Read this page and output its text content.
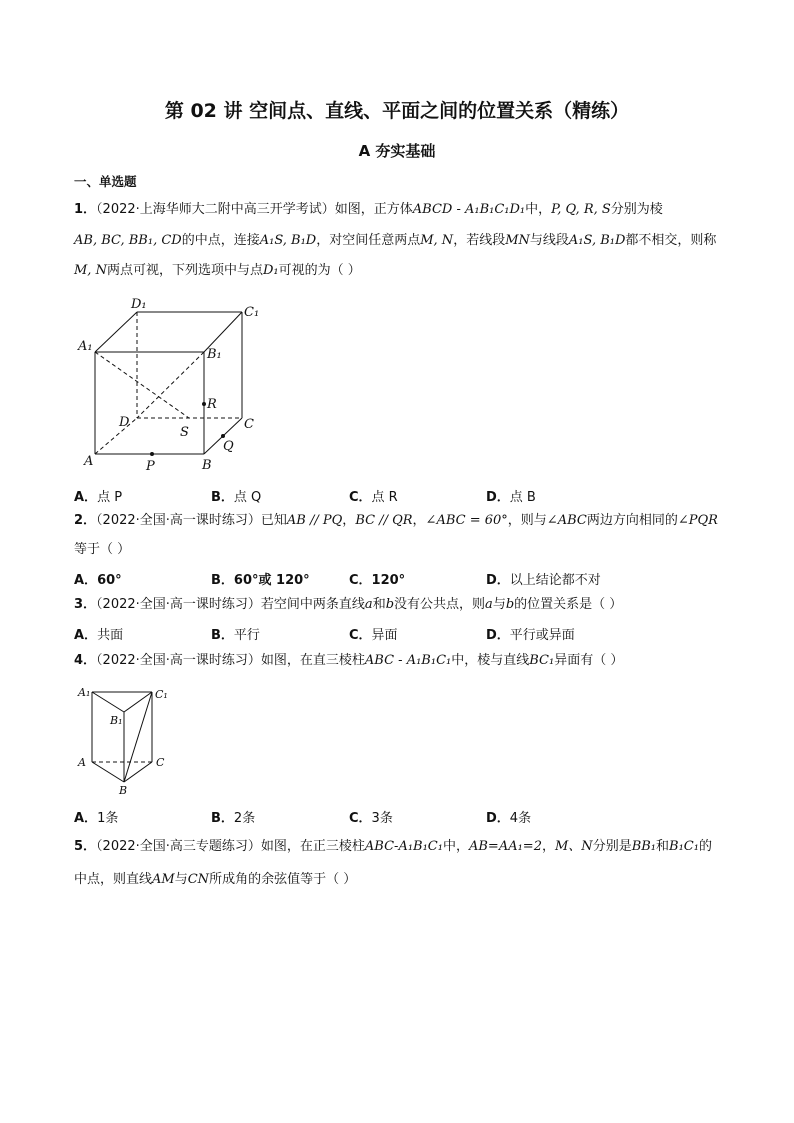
第 02 讲 空间点、直线、平面之间的位置关系（精练）
A 夯实基础
一、单选题
1．（2022·上海华师大二附中高三开学考试）如图，正方体ABCD - A₁B₁C₁D₁中，P, Q, R, S分别为棱
AB, BC, BB₁, CD的中点，连接A₁S, B₁D，对空间任意两点M, N，若线段MN与线段A₁S, B₁D都不相交，则称
M, N两点可视，下列选项中与点D₁可视的为（ ）
D₁
C₁
A₁
B₁
R
D
S
C
Q
A	P	B
A．点 P	B．点 Q	C．点 R	D．点 B
2．（2022·全国·高一课时练习）已知AB // PQ，BC // QR，∠ABC = 60°，则与∠ABC两边方向相同的∠PQR
等于（ ）
A．60°	B．60°或 120°	C．120°	D．以上结论都不对
3．（2022·全国·高一课时练习）若空间中两条直线a和b没有公共点，则a与b的位置关系是（ ）
A．共面	B．平行	C．异面	D．平行或异面
4．（2022·全国·高一课时练习）如图，在直三棱柱ABC - A₁B₁C₁中，棱与直线BC₁异面有（ ）
A₁	C₁
B₁
A	C
B
A．1条	B．2条	C．3条	D．4条
5．（2022·全国·高三专题练习）如图，在正三棱柱ABC-A₁B₁C₁中，AB=AA₁=2，M、N分别是BB₁和B₁C₁的
中点，则直线AM与CN所成角的余弦值等于（ ）
